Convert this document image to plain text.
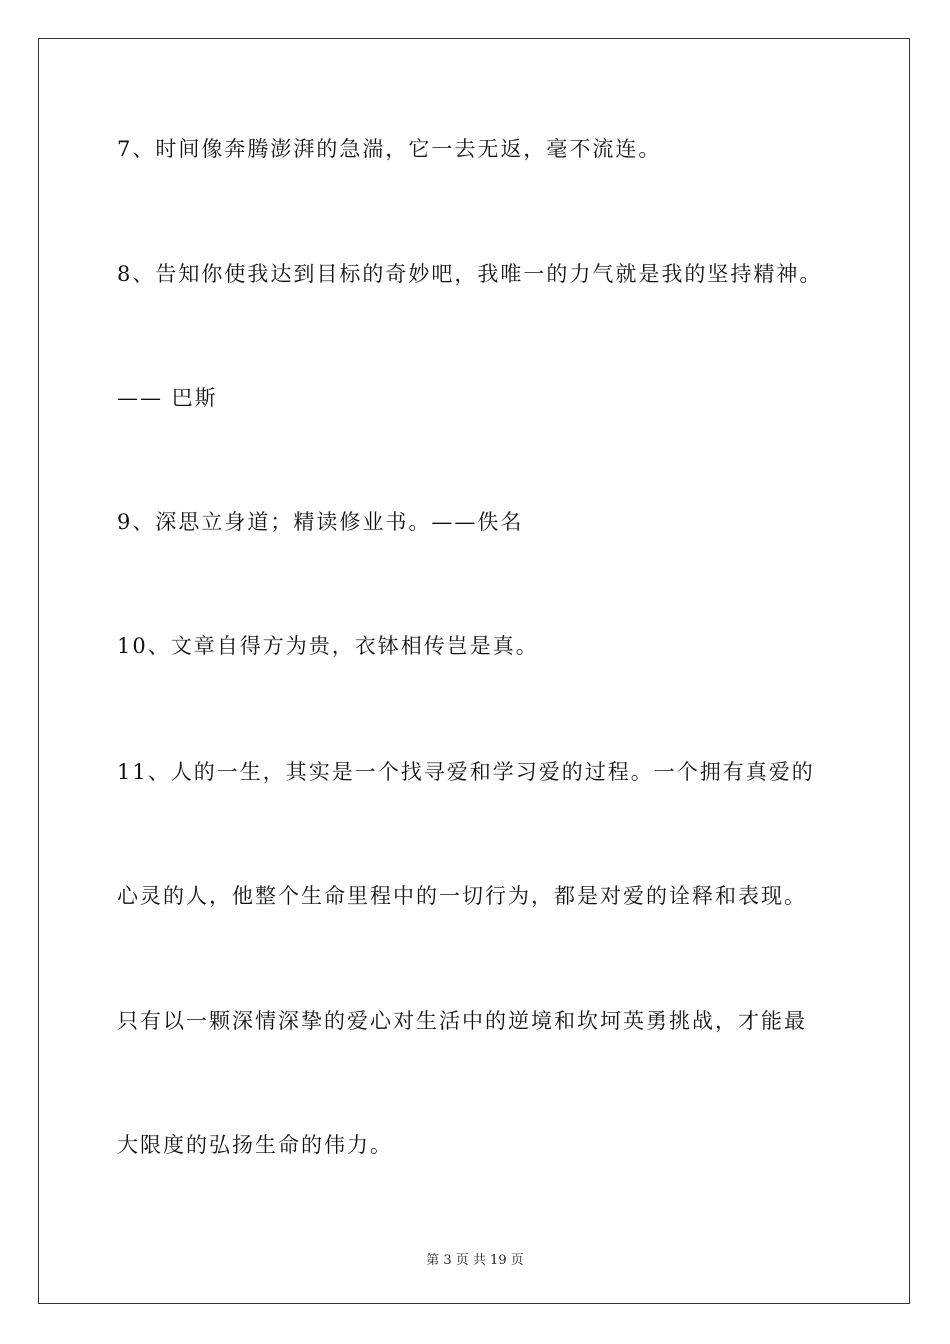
7、时间像奔腾澎湃的急湍，它一去无返，毫不流连。
8、告知你使我达到目标的奇妙吧，我唯一的力气就是我的坚持精神。
—— 巴斯
9、深思立身道；精读修业书。——佚名
10、文章自得方为贵，衣钵相传岂是真。
11、人的一生，其实是一个找寻爱和学习爱的过程。一个拥有真爱的
心灵的人，他整个生命里程中的一切行为，都是对爱的诠释和表现。
只有以一颗深情深挚的爱心对生活中的逆境和坎坷英勇挑战，才能最
大限度的弘扬生命的伟力。
第 3 页 共 19 页
